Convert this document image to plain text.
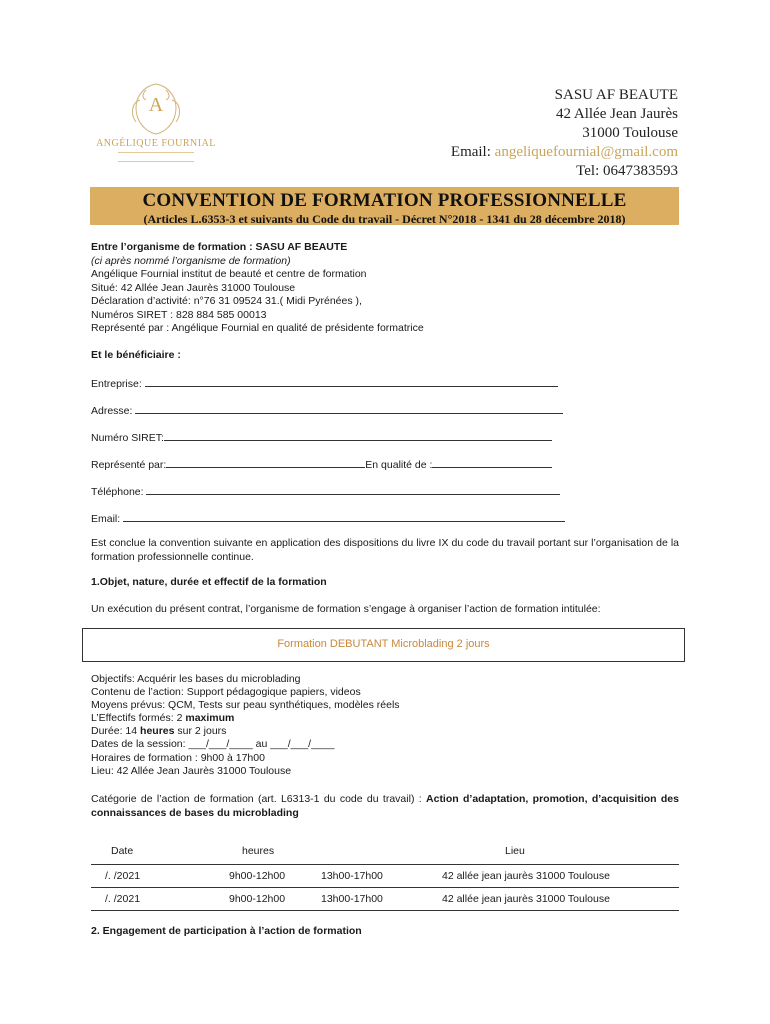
A
ANGÉLIQUE FOURNIAL
SASU AF BEAUTE
42 Allée Jean Jaurès
31000 Toulouse
Email: angeliquefournial@gmail.com
Tel: 0647383593
CONVENTION DE FORMATION PROFESSIONNELLE
(Articles L.6353-3 et suivants du Code du travail - Décret N°2018 - 1341 du 28 décembre 2018)
Entre l’organisme de formation : SASU AF BEAUTE
(ci après nommé l’organisme de formation)
Angélique Fournial institut de beauté et centre de formation
Situé: 42 Allée Jean Jaurès 31000 Toulouse
Déclaration d’activité: n°76 31 09524 31.( Midi Pyrénées ),
Numéros SIRET : 828 884 585 00013
Représenté par : Angélique Fournial en qualité de présidente formatrice
Et le bénéficiaire :
Entreprise:
Adresse:
Numéro SIRET:
Représenté par:	En qualité de :
Téléphone:
Email:
Est conclue la convention suivante en application des dispositions du livre IX du code du travail portant sur l’organisation de la formation professionnelle continue.
1.Objet, nature, durée et effectif de la formation
Un exécution du présent contrat, l’organisme de formation s’engage à organiser l’action de formation intitulée:
Formation DEBUTANT Microblading 2 jours
Objectifs: Acquérir les bases du microblading
Contenu de l’action: Support pédagogique papiers, videos
Moyens prévus: QCM, Tests sur peau synthétiques, modèles réels
L’Effectifs formés: 2 maximum
Durée: 14 heures sur 2 jours
Dates de la session: ___/___/____ au ___/___/____
Horaires de formation : 9h00 à 17h00
Lieu: 42 Allée Jean Jaurès 31000 Toulouse
Catégorie de l’action de formation (art. L6313-1 du code du travail) : Action d’adaptation, promotion, d’acquisition des connaissances de bases du microblading
Date	heures	Lieu
/. /2021	9h00-12h00	13h00-17h00	42 allée jean jaurès 31000 Toulouse
/. /2021	9h00-12h00	13h00-17h00	42 allée jean jaurès 31000 Toulouse
2. Engagement de participation à l’action de formation
